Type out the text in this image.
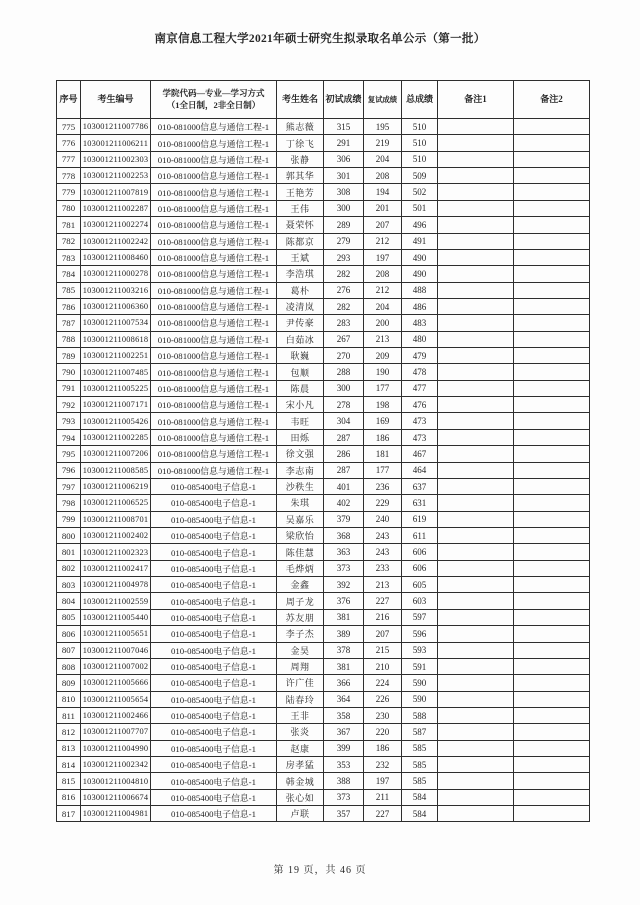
南京信息工程大学2021年硕士研究生拟录取名单公示（第一批）
序号	考生编号	学院代码—专业—学习方式
（1全日制，2非全日制）	考生姓名	初试成绩	复试成绩	总成绩	备注1	备注2
775	103001211007786	010-081000信息与通信工程-1	熊志薇	315	195	510		
776	103001211006211	010-081000信息与通信工程-1	丁徐飞	291	219	510		
777	103001211002303	010-081000信息与通信工程-1	张静	306	204	510		
778	103001211002253	010-081000信息与通信工程-1	郭其华	301	208	509		
779	103001211007819	010-081000信息与通信工程-1	王艳芳	308	194	502		
780	103001211002287	010-081000信息与通信工程-1	王伟	300	201	501		
781	103001211002274	010-081000信息与通信工程-1	聂荣怀	289	207	496		
782	103001211002242	010-081000信息与通信工程-1	陈都京	279	212	491		
783	103001211008460	010-081000信息与通信工程-1	王斌	293	197	490		
784	103001211000278	010-081000信息与通信工程-1	李浩琪	282	208	490		
785	103001211003216	010-081000信息与通信工程-1	葛朴	276	212	488		
786	103001211006360	010-081000信息与通信工程-1	凌清岚	282	204	486		
787	103001211007534	010-081000信息与通信工程-1	尹传豪	283	200	483		
788	103001211008618	010-081000信息与通信工程-1	白茹冰	267	213	480		
789	103001211002251	010-081000信息与通信工程-1	耿巍	270	209	479		
790	103001211007485	010-081000信息与通信工程-1	包顺	288	190	478		
791	103001211005225	010-081000信息与通信工程-1	陈晨	300	177	477		
792	103001211007171	010-081000信息与通信工程-1	宋小凡	278	198	476		
793	103001211005426	010-081000信息与通信工程-1	韦旺	304	169	473		
794	103001211002285	010-081000信息与通信工程-1	田烁	287	186	473		
795	103001211007206	010-081000信息与通信工程-1	徐文强	286	181	467		
796	103001211008585	010-081000信息与通信工程-1	李志南	287	177	464		
797	103001211006219	010-085400电子信息-1	沙秩生	401	236	637		
798	103001211006525	010-085400电子信息-1	朱琪	402	229	631		
799	103001211008701	010-085400电子信息-1	吴嘉乐	379	240	619		
800	103001211002402	010-085400电子信息-1	梁欣怡	368	243	611		
801	103001211002323	010-085400电子信息-1	陈佳慧	363	243	606		
802	103001211002417	010-085400电子信息-1	毛烨炳	373	233	606		
803	103001211004978	010-085400电子信息-1	金鑫	392	213	605		
804	103001211002559	010-085400电子信息-1	周子龙	376	227	603		
805	103001211005440	010-085400电子信息-1	苏友朋	381	216	597		
806	103001211005651	010-085400电子信息-1	李子杰	389	207	596		
807	103001211007046	010-085400电子信息-1	金昊	378	215	593		
808	103001211007002	010-085400电子信息-1	周翔	381	210	591		
809	103001211005666	010-085400电子信息-1	许广佳	366	224	590		
810	103001211005654	010-085400电子信息-1	陆春玲	364	226	590		
811	103001211002466	010-085400电子信息-1	王非	358	230	588		
812	103001211007707	010-085400电子信息-1	张炎	367	220	587		
813	103001211004990	010-085400电子信息-1	赵康	399	186	585		
814	103001211002342	010-085400电子信息-1	房孝猛	353	232	585		
815	103001211004810	010-085400电子信息-1	韩金城	388	197	585		
816	103001211006674	010-085400电子信息-1	张心如	373	211	584		
817	103001211004981	010-085400电子信息-1	卢联	357	227	584		
第 19 页，共 46 页
